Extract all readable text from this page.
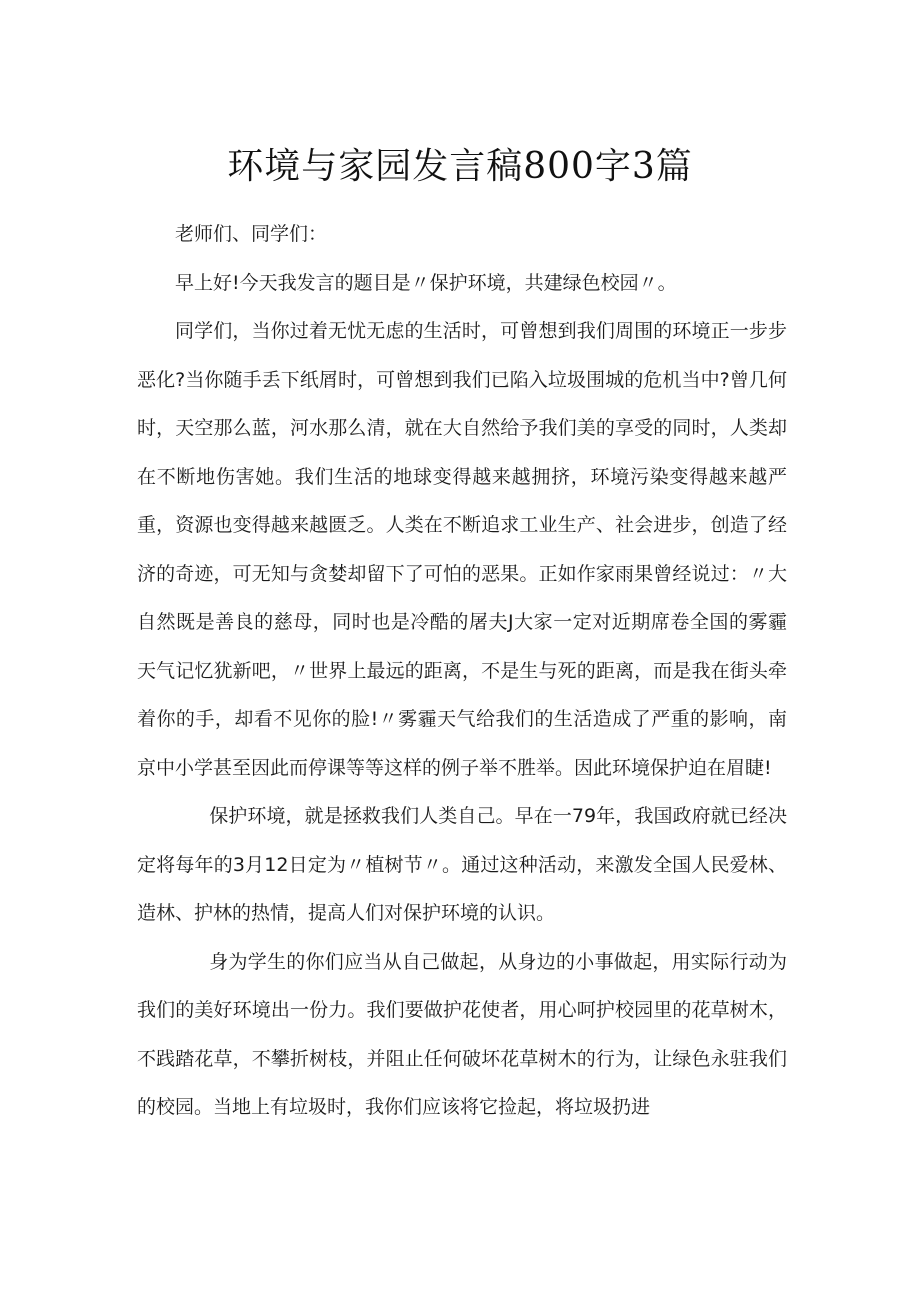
环境与家园发言稿800字3篇

老师们、同学们：

早上好!今天我发言的题目是〃保护环境，共建绿色校园〃。

同学们，当你过着无忧无虑的生活时，可曾想到我们周围的环境正一步步恶化?当你随手丢下纸屑时，可曾想到我们已陷入垃圾围城的危机当中?曾几何时，天空那么蓝，河水那么清，就在大自然给予我们美的享受的同时，人类却在不断地伤害她。我们生活的地球变得越来越拥挤，环境污染变得越来越严重，资源也变得越来越匮乏。人类在不断追求工业生产、社会进步，创造了经济的奇迹，可无知与贪婪却留下了可怕的恶果。正如作家雨果曾经说过：〃大自然既是善良的慈母，同时也是冷酷的屠夫J大家一定对近期席卷全国的雾霾天气记忆犹新吧，〃世界上最远的距离，不是生与死的距离，而是我在街头牵着你的手，却看不见你的脸!〃雾霾天气给我们的生活造成了严重的影响，南京中小学甚至因此而停课等等这样的例子举不胜举。因此环境保护迫在眉睫!

保护环境，就是拯救我们人类自己。早在一79年，我国政府就已经决定将每年的3月12日定为〃植树节〃。通过这种活动，来激发全国人民爱林、造林、护林的热情，提高人们对保护环境的认识。

身为学生的你们应当从自己做起，从身边的小事做起，用实际行动为我们的美好环境出一份力。我们要做护花使者，用心呵护校园里的花草树木，不践踏花草，不攀折树枝，并阻止任何破坏花草树木的行为，让绿色永驻我们的校园。当地上有垃圾时，我你们应该将它捡起，将垃圾扔进
